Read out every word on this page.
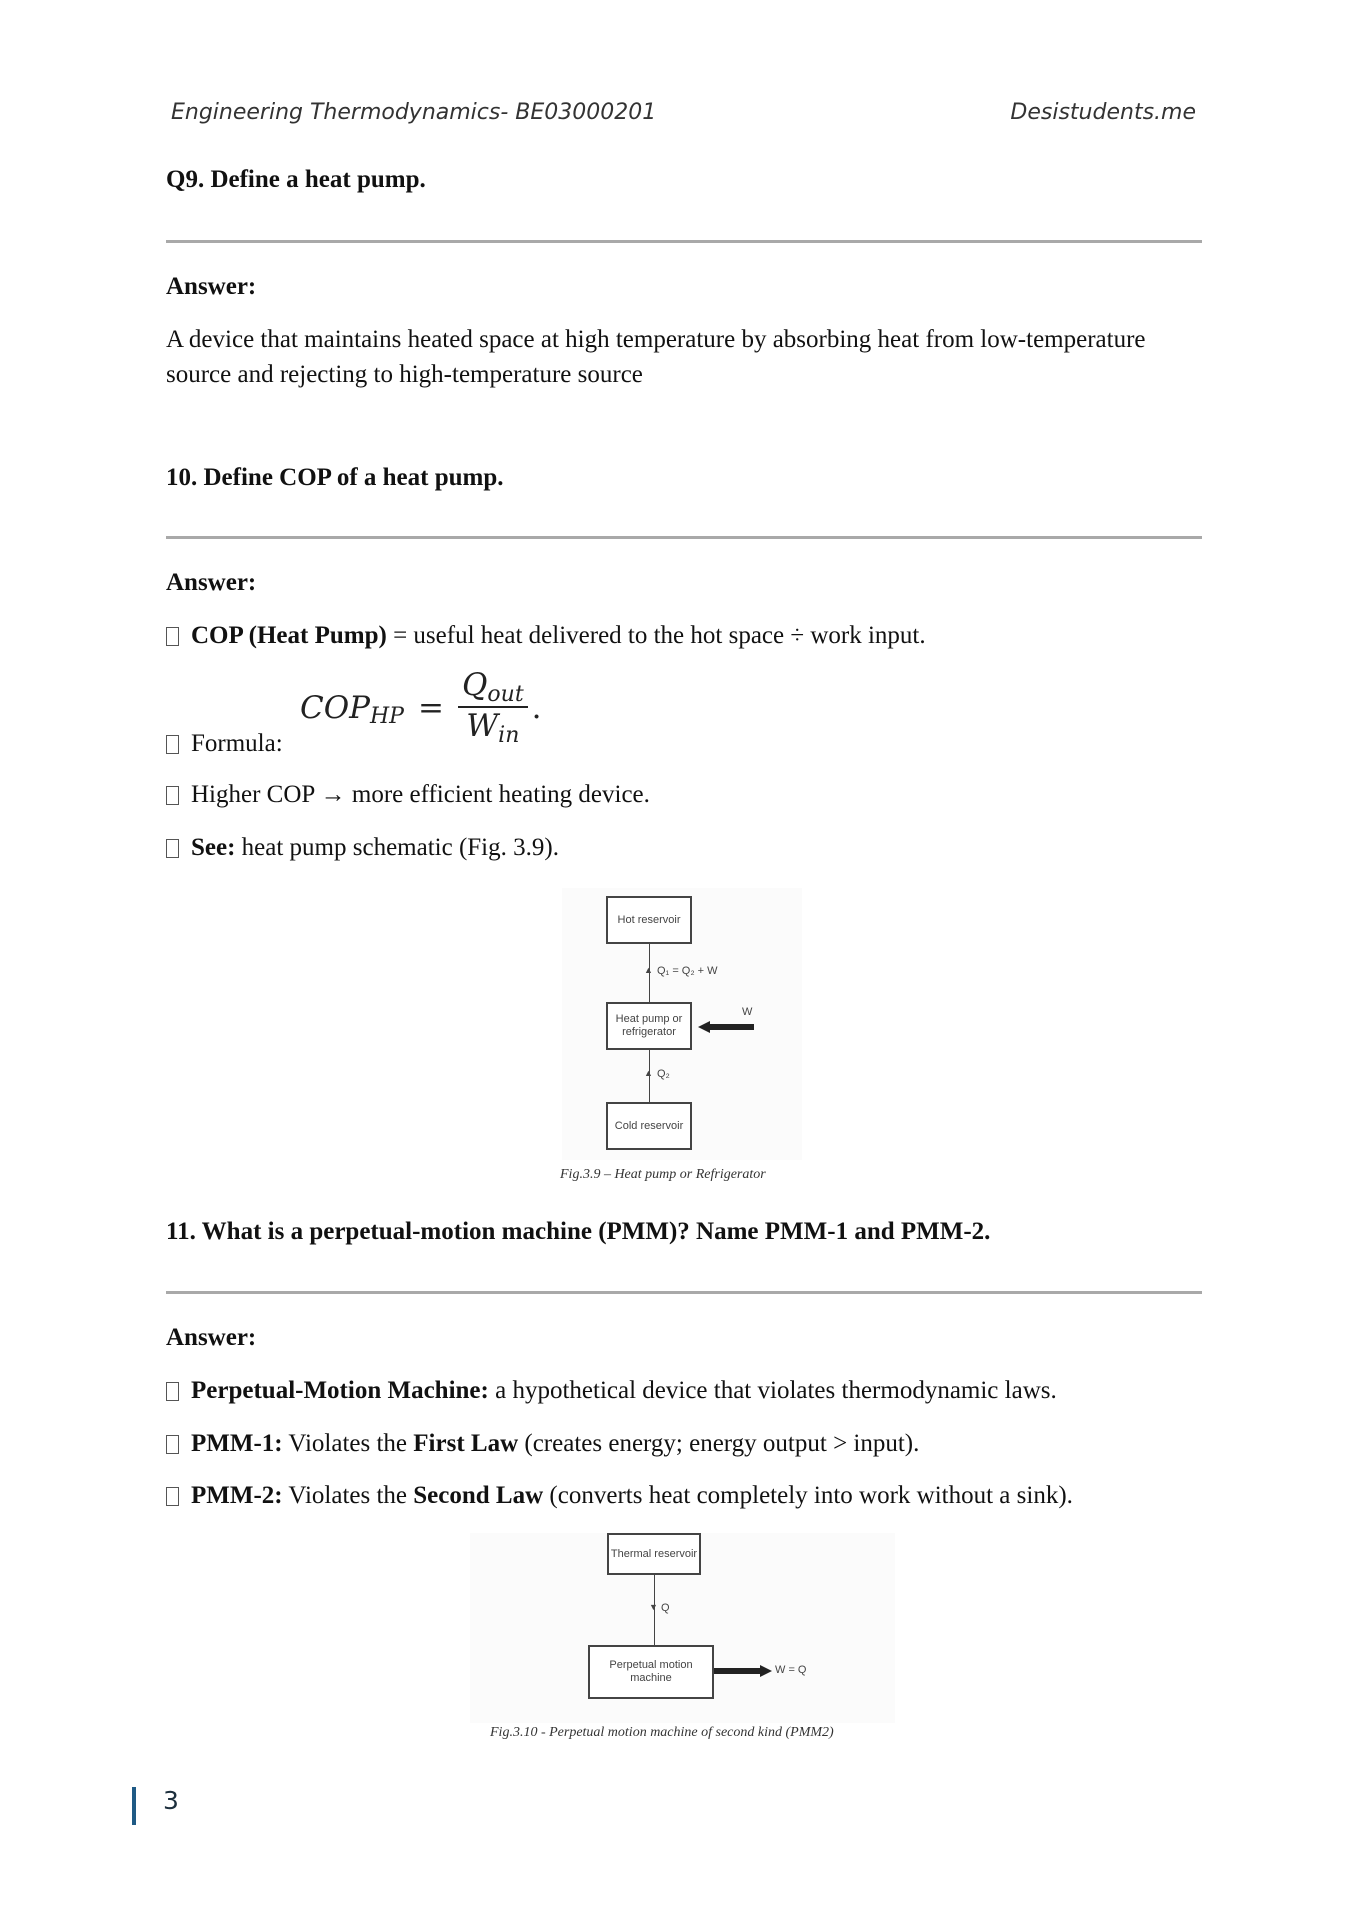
Engineering Thermodynamics- BE03000201	Desistudents.me
Q9. Define a heat pump.
Answer:
A device that maintains heated space at high temperature by absorbing heat from low-temperature source and rejecting to high-temperature source
10. Define COP of a heat pump.
Answer:
COP (Heat Pump) = useful heat delivered to the hot space ÷ work input.
COP HP = $\frac{\text{Qout}}{\text{Win}}$ .
Formula:
Higher COP → more efficient heating device.
See: heat pump schematic (Fig. 3.9).
Hot reservoir
▲ Q₁ = Q₂ + W
Heat pump or refrigerator
W
▲ Q₂
Cold reservoir
Fig.3.9 – Heat pump or Refrigerator
11. What is a perpetual-motion machine (PMM)? Name PMM-1 and PMM-2.
Answer:
Perpetual-Motion Machine: a hypothetical device that violates thermodynamic laws.
PMM-1: Violates the First Law (creates energy; energy output > input).
PMM-2: Violates the Second Law (converts heat completely into work without a sink).
Thermal reservoir
▼ Q
Perpetual motion machine
W = Q
Fig.3.10 - Perpetual motion machine of second kind (PMM2)
3
